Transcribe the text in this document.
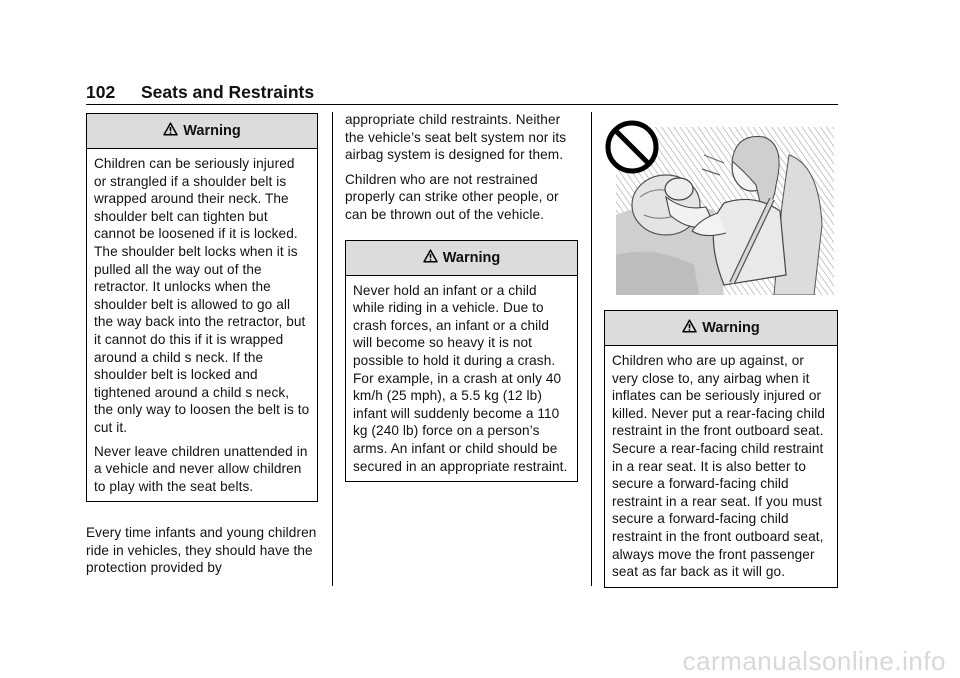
102 Seats and Restraints
Warning

Children can be seriously injured or strangled if a shoulder belt is wrapped around their neck. The shoulder belt can tighten but cannot be loosened if it is locked. The shoulder belt locks when it is pulled all the way out of the retractor. It unlocks when the shoulder belt is allowed to go all the way back into the retractor, but it cannot do this if it is wrapped around a child s neck. If the shoulder belt is locked and tightened around a child s neck, the only way to loosen the belt is to cut it.

Never leave children unattended in a vehicle and never allow children to play with the seat belts.

Every time infants and young children ride in vehicles, they should have the protection provided by

appropriate child restraints. Neither the vehicle’s seat belt system nor its airbag system is designed for them.

Children who are not restrained properly can strike other people, or can be thrown out of the vehicle.

Warning

Never hold an infant or a child while riding in a vehicle. Due to crash forces, an infant or a child will become so heavy it is not possible to hold it during a crash. For example, in a crash at only 40 km/h (25 mph), a 5.5 kg (12 lb) infant will suddenly become a 110 kg (240 lb) force on a person’s arms. An infant or child should be secured in an appropriate restraint.

Warning

Children who are up against, or very close to, any airbag when it inflates can be seriously injured or killed. Never put a rear-facing child restraint in the front outboard seat. Secure a rear-facing child restraint in a rear seat. It is also better to secure a forward-facing child restraint in a rear seat. If you must secure a forward-facing child restraint in the front outboard seat, always move the front passenger seat as far back as it will go.

carmanualsonline.info
